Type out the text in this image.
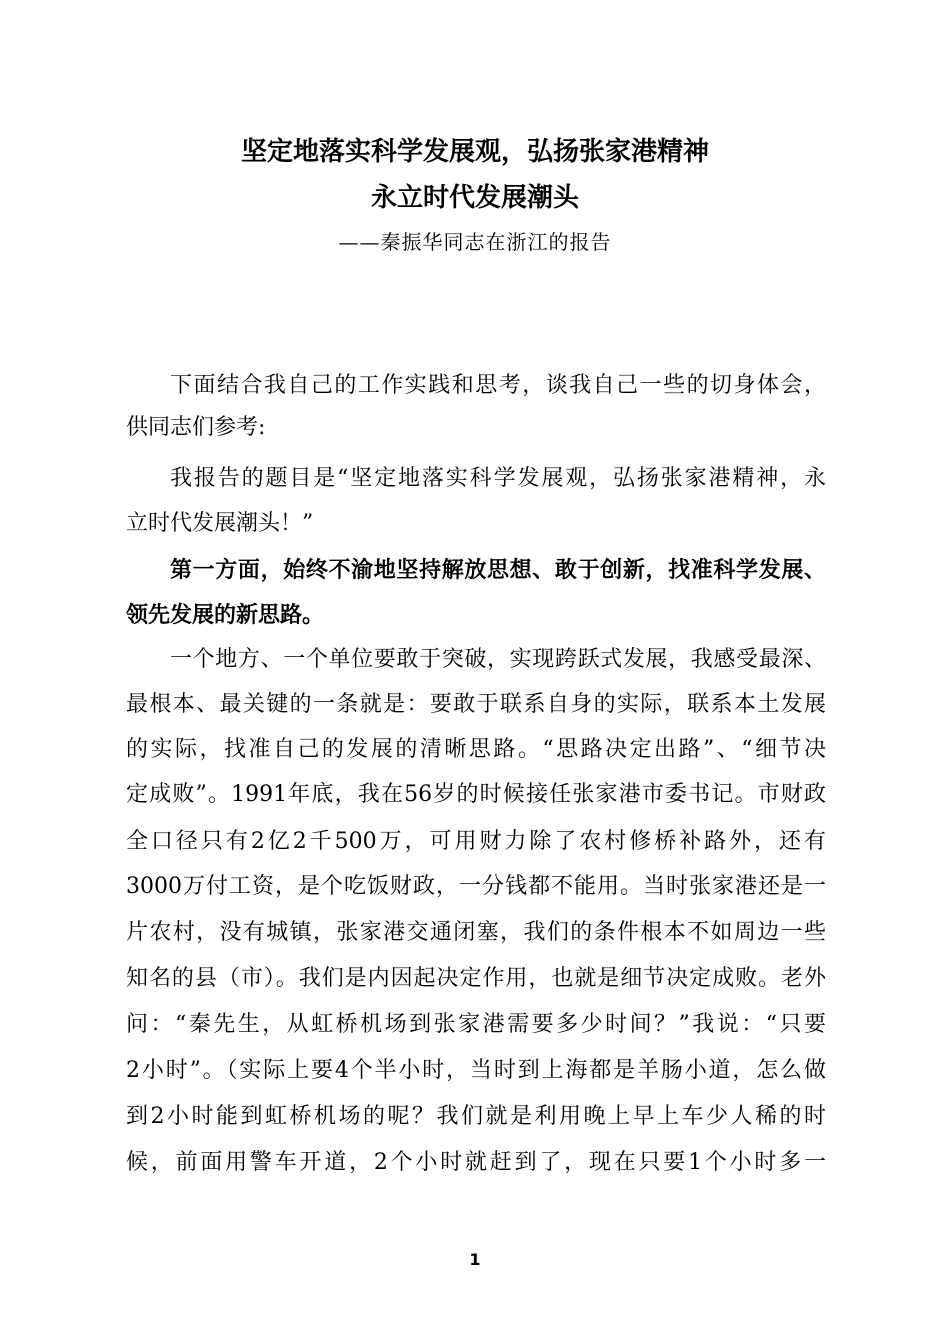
坚定地落实科学发展观，弘扬张家港精神
永立时代发展潮头
——秦振华同志在浙江的报告
下面结合我自己的工作实践和思考，谈我自己一些的切身体会，
供同志们参考:
我报告的题目是“坚定地落实科学发展观，弘扬张家港精神，永
立时代发展潮头！”
第一方面，始终不渝地坚持解放思想、敢于创新，找准科学发展、
领先发展的新思路。
一个地方、一个单位要敢于突破，实现跨跃式发展，我感受最深、
最根本、最关键的一条就是：要敢于联系自身的实际，联系本土发展
的实际，找准自己的发展的清晰思路。“思路决定出路”、“细节决
定成败”。1991年底，我在56岁的时候接任张家港市委书记。市财政
全口径只有2亿2千500万，可用财力除了农村修桥补路外，还有
3000万付工资，是个吃饭财政，一分钱都不能用。当时张家港还是一
片农村，没有城镇，张家港交通闭塞，我们的条件根本不如周边一些
知名的县（市）。我们是内因起决定作用，也就是细节决定成败。老外
问：“秦先生，从虹桥机场到张家港需要多少时间？”我说：“只要
2小时”。（实际上要4个半小时，当时到上海都是羊肠小道，怎么做
到2小时能到虹桥机场的呢？我们就是利用晚上早上车少人稀的时
候，前面用警车开道，2个小时就赶到了，现在只要1个小时多一
1
